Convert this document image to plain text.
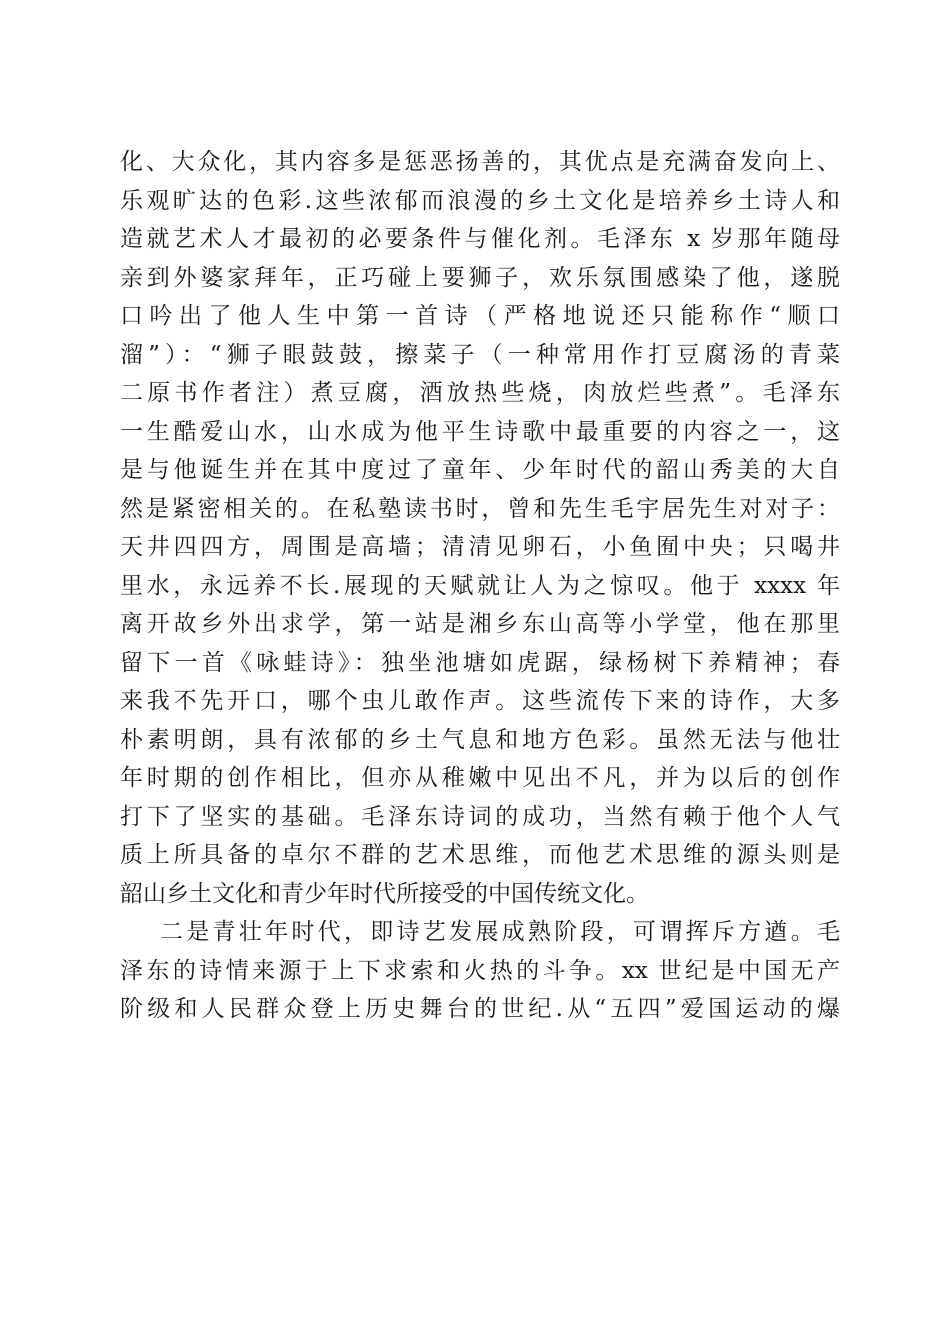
化、大众化，其内容多是惩恶扬善的，其优点是充满奋发向上、
乐观旷达的色彩.这些浓郁而浪漫的乡土文化是培养乡土诗人和
造就艺术人才最初的必要条件与催化剂。毛泽东 x 岁那年随母
亲到外婆家拜年，正巧碰上要狮子，欢乐氛围感染了他，遂脱
口吟出了他人生中第一首诗（严格地说还只能称作“顺口
溜”）：“狮子眼鼓鼓，擦菜子（一种常用作打豆腐汤的青菜
二原书作者注）煮豆腐，酒放热些烧，肉放烂些煮”。毛泽东
一生酷爱山水，山水成为他平生诗歌中最重要的内容之一，这
是与他诞生并在其中度过了童年、少年时代的韶山秀美的大自
然是紧密相关的。在私塾读书时，曾和先生毛宇居先生对对子：
天井四四方，周围是高墙；清清见卵石，小鱼囿中央；只喝井
里水，永远养不长.展现的天赋就让人为之惊叹。他于 xxxx 年
离开故乡外出求学，第一站是湘乡东山高等小学堂，他在那里
留下一首《咏蛙诗》：独坐池塘如虎踞，绿杨树下养精神；春
来我不先开口，哪个虫儿敢作声。这些流传下来的诗作，大多
朴素明朗，具有浓郁的乡土气息和地方色彩。虽然无法与他壮
年时期的创作相比，但亦从稚嫩中见出不凡，并为以后的创作
打下了坚实的基础。毛泽东诗词的成功，当然有赖于他个人气
质上所具备的卓尔不群的艺术思维，而他艺术思维的源头则是
韶山乡土文化和青少年时代所接受的中国传统文化。
二是青壮年时代，即诗艺发展成熟阶段，可谓挥斥方遒。毛
泽东的诗情来源于上下求索和火热的斗争。xx 世纪是中国无产
阶级和人民群众登上历史舞台的世纪.从“五四”爱国运动的爆
